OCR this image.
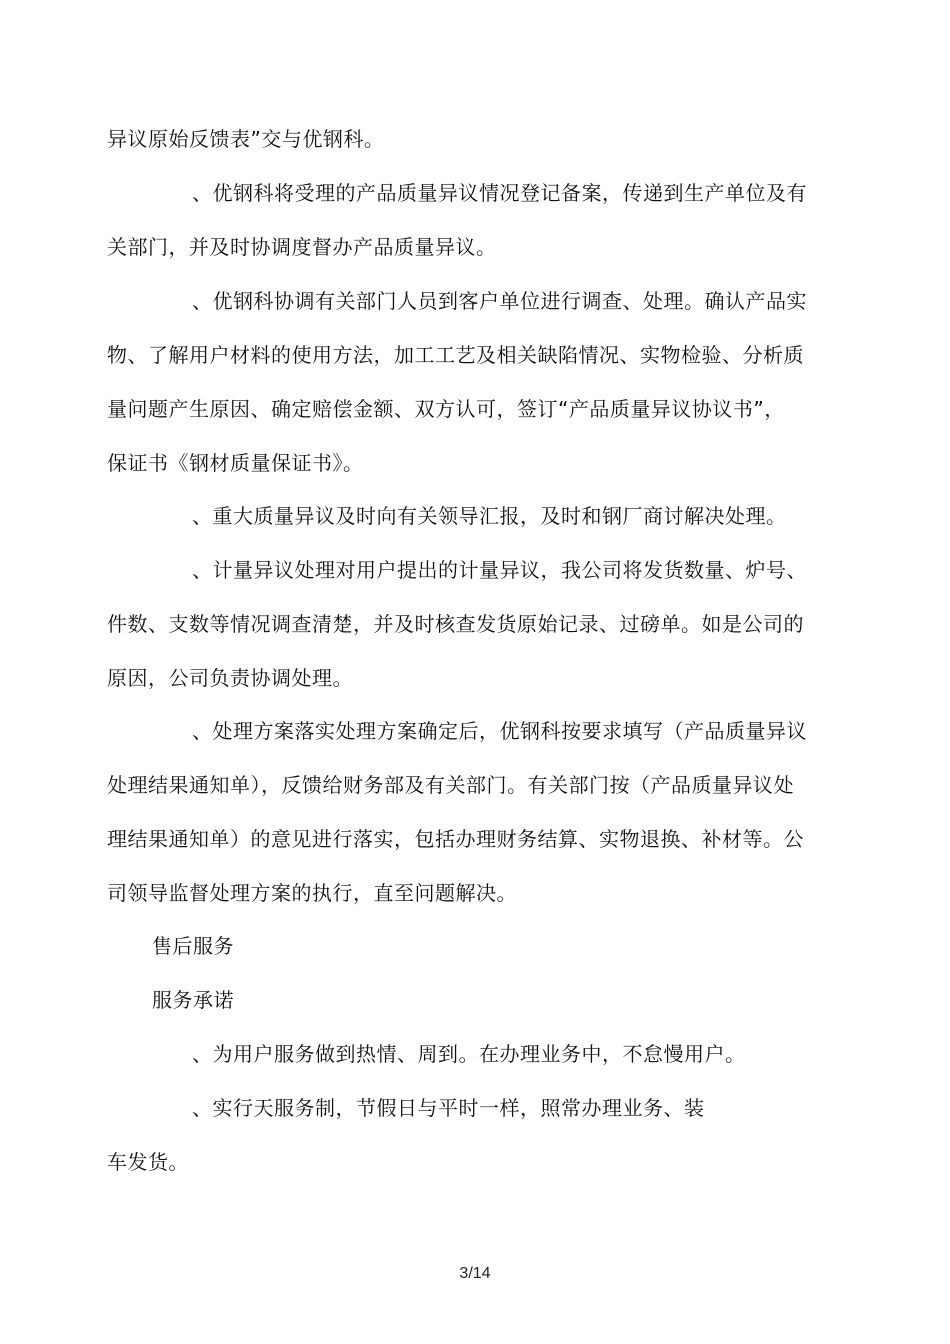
异议原始反馈表”交与优钢科。
、优钢科将受理的产品质量异议情况登记备案，传递到生产单位及有
关部门，并及时协调度督办产品质量异议。
、优钢科协调有关部门人员到客户单位进行调查、处理。确认产品实
物、了解用户材料的使用方法，加工工艺及相关缺陷情况、实物检验、分析质
量问题产生原因、确定赔偿金额、双方认可，签订“产品质量异议协议书”，
保证书《钢材质量保证书》。
、重大质量异议及时向有关领导汇报，及时和钢厂商讨解决处理。
、计量异议处理对用户提出的计量异议，我公司将发货数量、炉号、
件数、支数等情况调查清楚，并及时核查发货原始记录、过磅单。如是公司的
原因，公司负责协调处理。
、处理方案落实处理方案确定后，优钢科按要求填写（产品质量异议
处理结果通知单），反馈给财务部及有关部门。有关部门按（产品质量异议处
理结果通知单）的意见进行落实，包括办理财务结算、实物退换、补材等。公
司领导监督处理方案的执行，直至问题解决。
售后服务
服务承诺
、为用户服务做到热情、周到。在办理业务中，不怠慢用户。
、实行天服务制，节假日与平时一样，照常办理业务、装
车发货。
3/14
